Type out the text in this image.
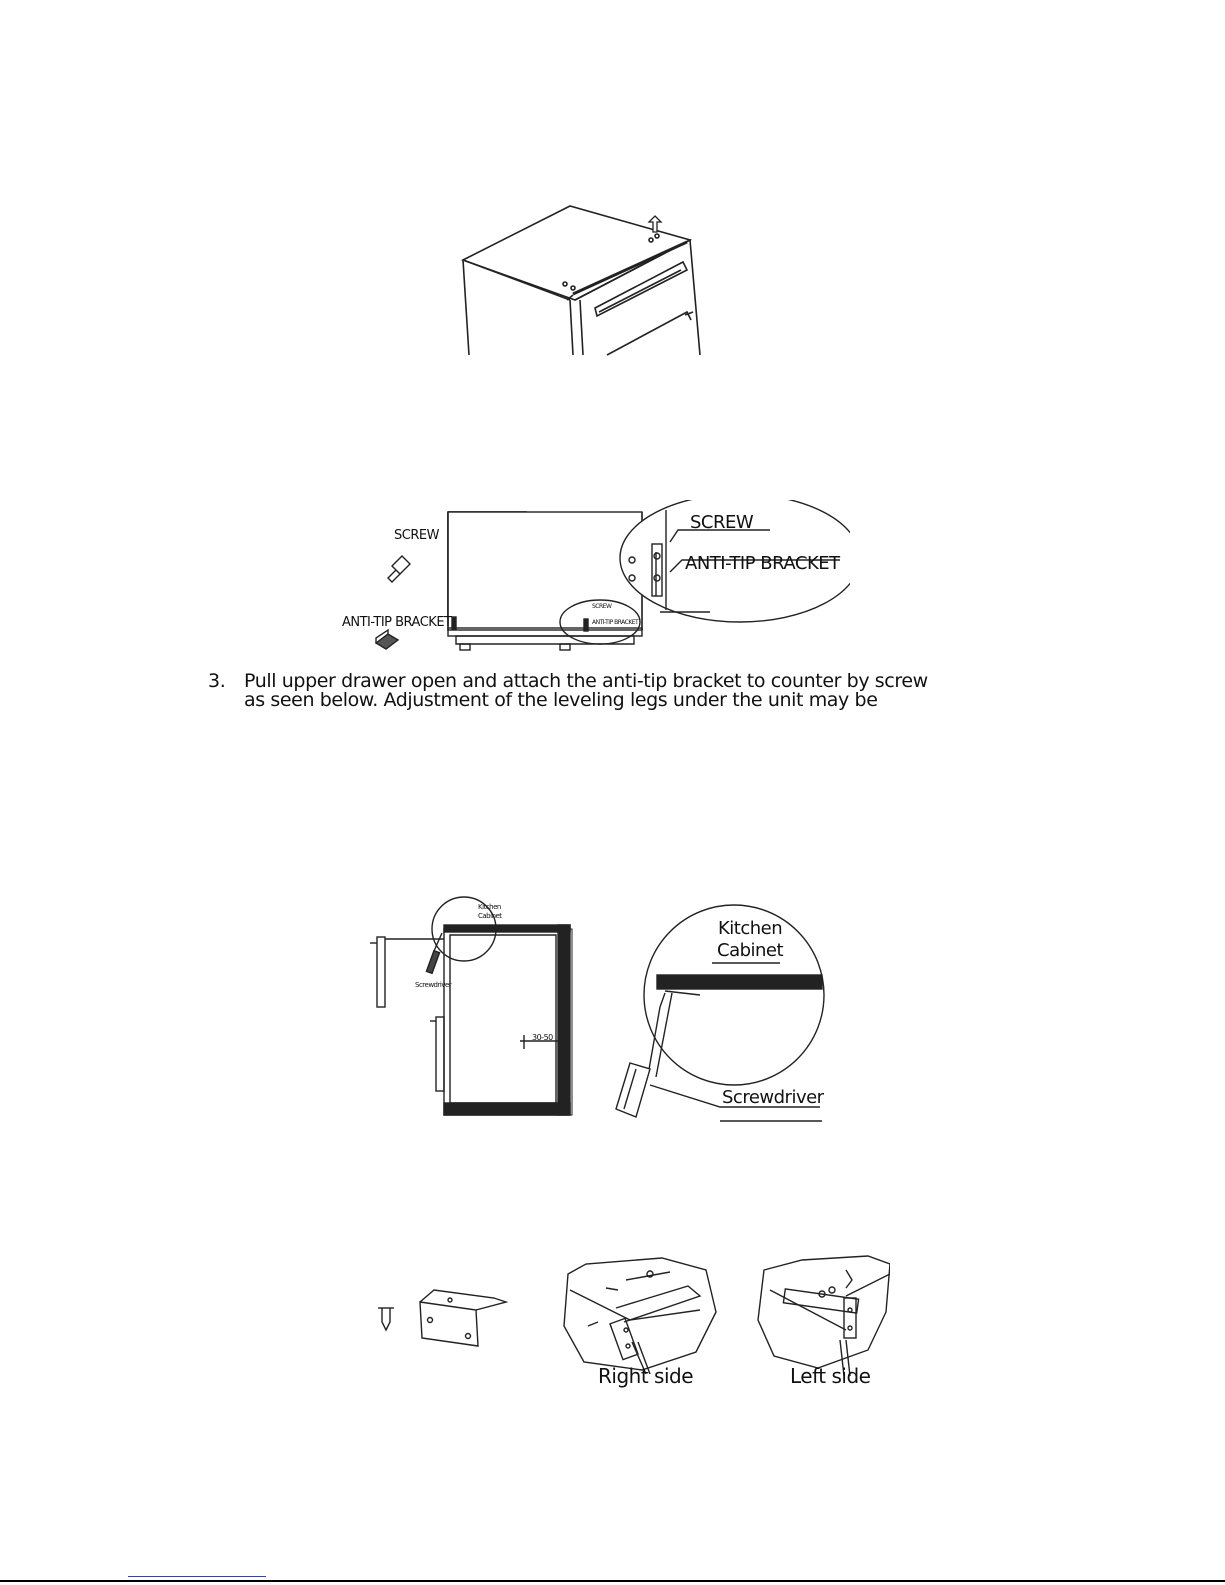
SCREW
ANTI-TIP BRACKET
SCREW
ANTI-TIP BRACKET
SCREW
ANTI-TIP BRACKET
3. Pull upper drawer open and attach the anti-tip bracket to counter by screw
as seen below. Adjustment of the leveling legs under the unit may be
Kitchen
Cabinet
Screwdriver
30-50
Kitchen
Cabinet
Screwdriver
Right side	Left side
